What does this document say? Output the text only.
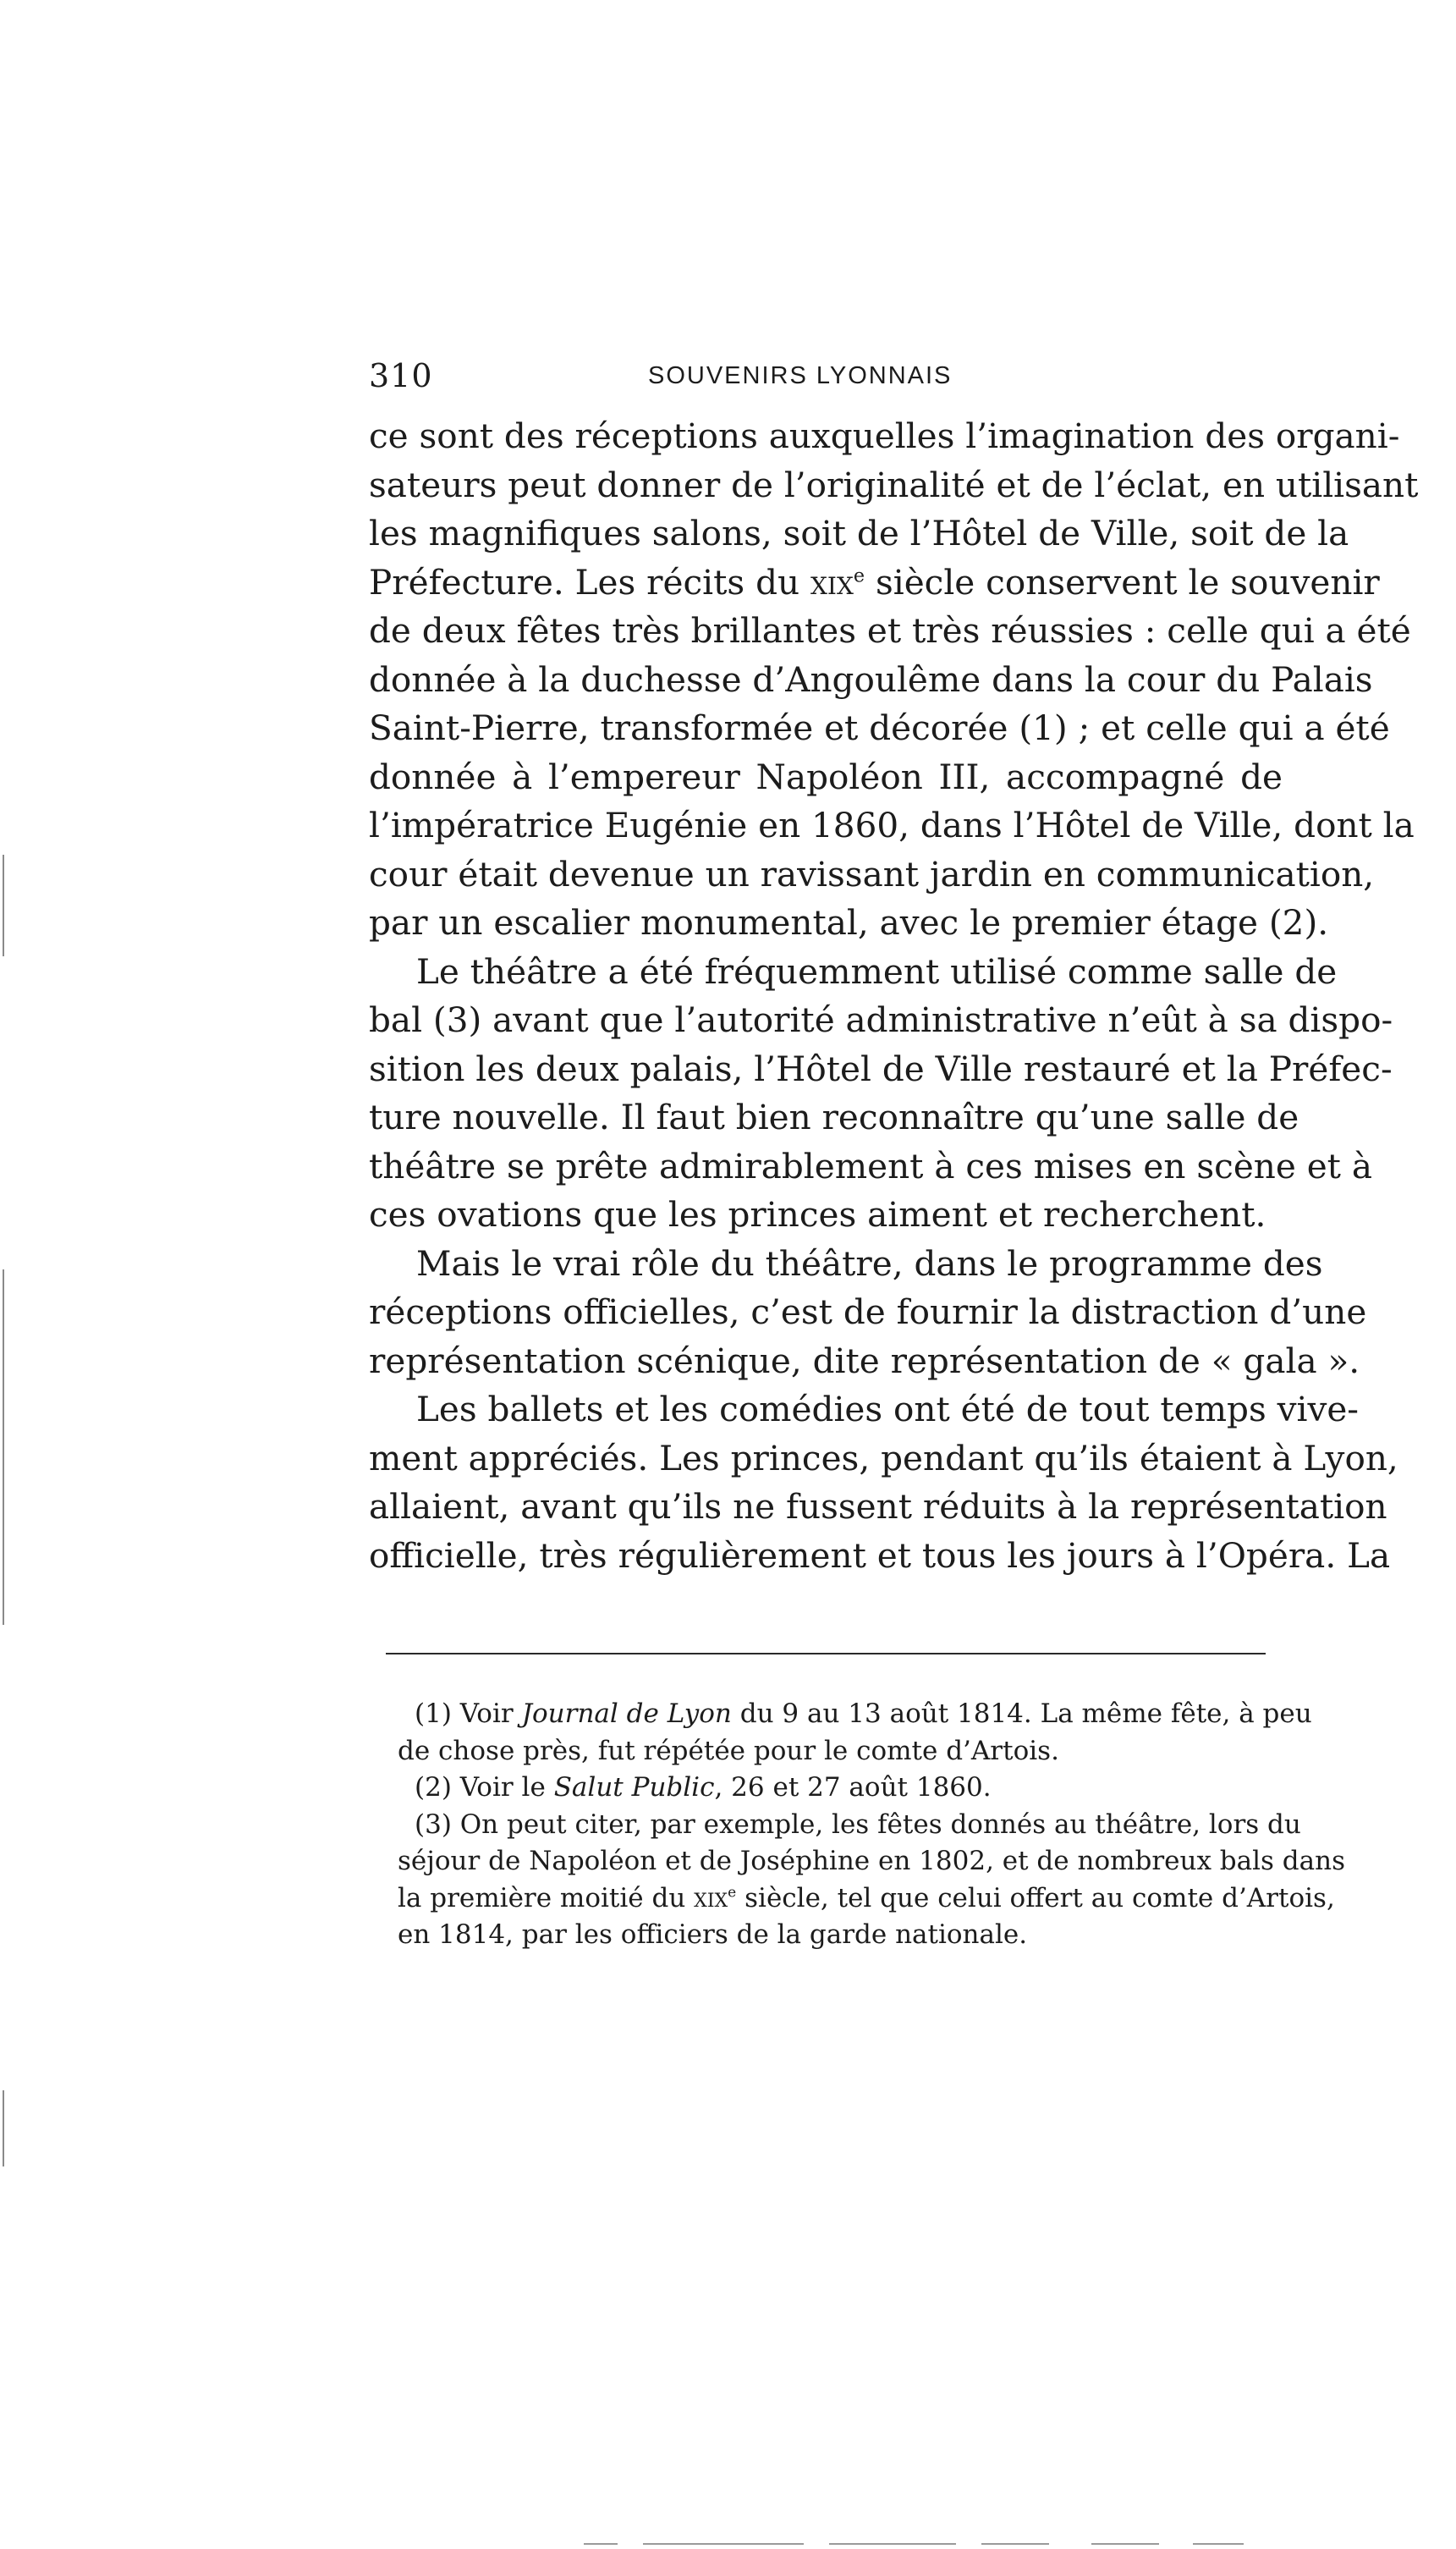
310	SOUVENIRS LYONNAIS
ce sont des réceptions auxquelles l’imagination des organi-
sateurs peut donner de l’originalité et de l’éclat, en utilisant
les magnifiques salons, soit de l’Hôtel de Ville, soit de la
Préfecture. Les récits du xix$^e$ siècle conservent le souvenir
de deux fêtes très brillantes et très réussies : celle qui a été
donnée à la duchesse d’Angoulême dans la cour du Palais
Saint-Pierre, transformée et décorée (1) ; et celle qui a été
donnée à l’empereur Napoléon III, accompagné de
l’impératrice Eugénie en 1860, dans l’Hôtel de Ville, dont la
cour était devenue un ravissant jardin en communication,
par un escalier monumental, avec le premier étage (2).
Le théâtre a été fréquemment utilisé comme salle de
bal (3) avant que l’autorité administrative n’eût à sa dispo-
sition les deux palais, l’Hôtel de Ville restauré et la Préfec-
ture nouvelle. Il faut bien reconnaître qu’une salle de
théâtre se prête admirablement à ces mises en scène et à
ces ovations que les princes aiment et recherchent.
Mais le vrai rôle du théâtre, dans le programme des
réceptions officielles, c’est de fournir la distraction d’une
représentation scénique, dite représentation de « gala ».
Les ballets et les comédies ont été de tout temps vive-
ment appréciés. Les princes, pendant qu’ils étaient à Lyon,
allaient, avant qu’ils ne fussent réduits à la représentation
officielle, très régulièrement et tous les jours à l’Opéra. La
(1) Voir Journal de Lyon du 9 au 13 août 1814. La même fête, à peu
de chose près, fut répétée pour le comte d’Artois.
(2) Voir le Salut Public, 26 et 27 août 1860.
(3) On peut citer, par exemple, les fêtes donnés au théâtre, lors du
séjour de Napoléon et de Joséphine en 1802, et de nombreux bals dans
la première moitié du xix$^e$ siècle, tel que celui offert au comte d’Artois,
en 1814, par les officiers de la garde nationale.
